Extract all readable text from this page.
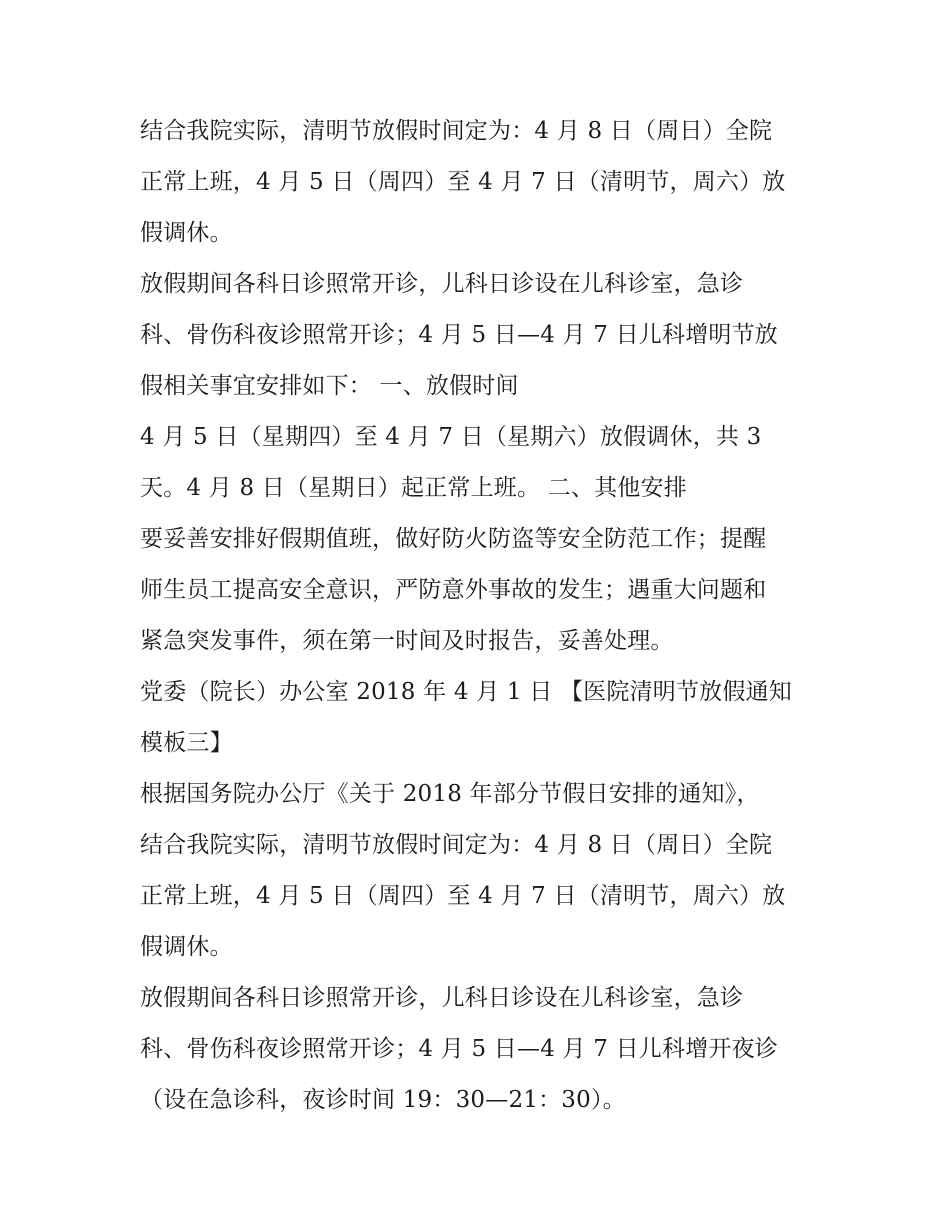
结合我院实际，清明节放假时间定为：4 月 8 日（周日）全院
正常上班，4 月 5 日（周四）至 4 月 7 日（清明节，周六）放
假调休。
放假期间各科日诊照常开诊，儿科日诊设在儿科诊室，急诊
科、骨伤科夜诊照常开诊；4 月 5 日—4 月 7 日儿科增明节放
假相关事宜安排如下： 一、放假时间
4 月 5 日（星期四）至 4 月 7 日（星期六）放假调休，共 3
天。4 月 8 日（星期日）起正常上班。 二、其他安排
要妥善安排好假期值班，做好防火防盗等安全防范工作；提醒
师生员工提高安全意识，严防意外事故的发生；遇重大问题和
紧急突发事件，须在第一时间及时报告，妥善处理。
党委（院长）办公室 2018 年 4 月 1 日 【医院清明节放假通知
模板三】
根据国务院办公厅《关于 2018 年部分节假日安排的通知》，
结合我院实际，清明节放假时间定为：4 月 8 日（周日）全院
正常上班，4 月 5 日（周四）至 4 月 7 日（清明节，周六）放
假调休。
放假期间各科日诊照常开诊，儿科日诊设在儿科诊室，急诊
科、骨伤科夜诊照常开诊；4 月 5 日—4 月 7 日儿科增开夜诊
（设在急诊科，夜诊时间 19：30—21：30）。
